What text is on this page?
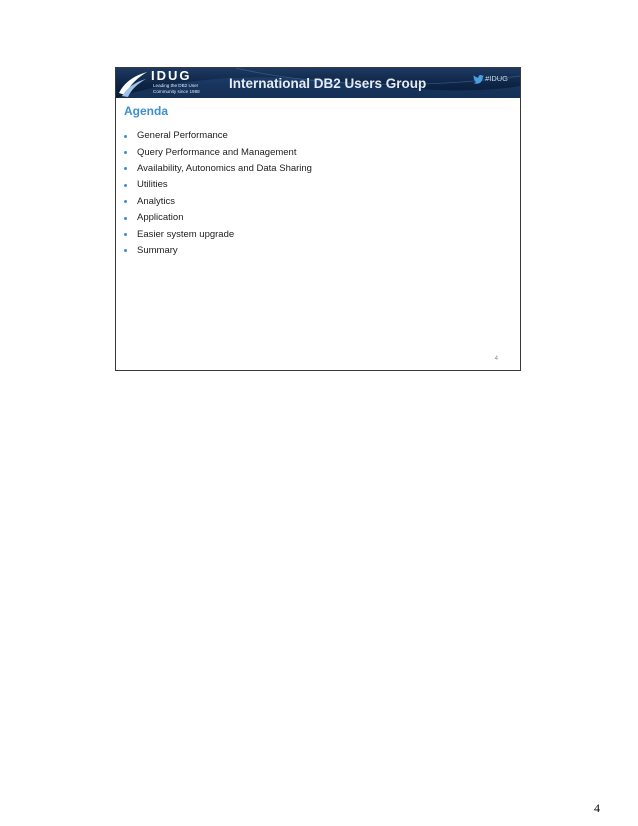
IDUG
Leading the DB2 User Community since 1988	International DB2 Users Group	#IDUG
Agenda
General Performance
Query Performance and Management
Availability, Autonomics and Data Sharing
Utilities
Analytics
Application
Easier system upgrade
Summary
4
4
